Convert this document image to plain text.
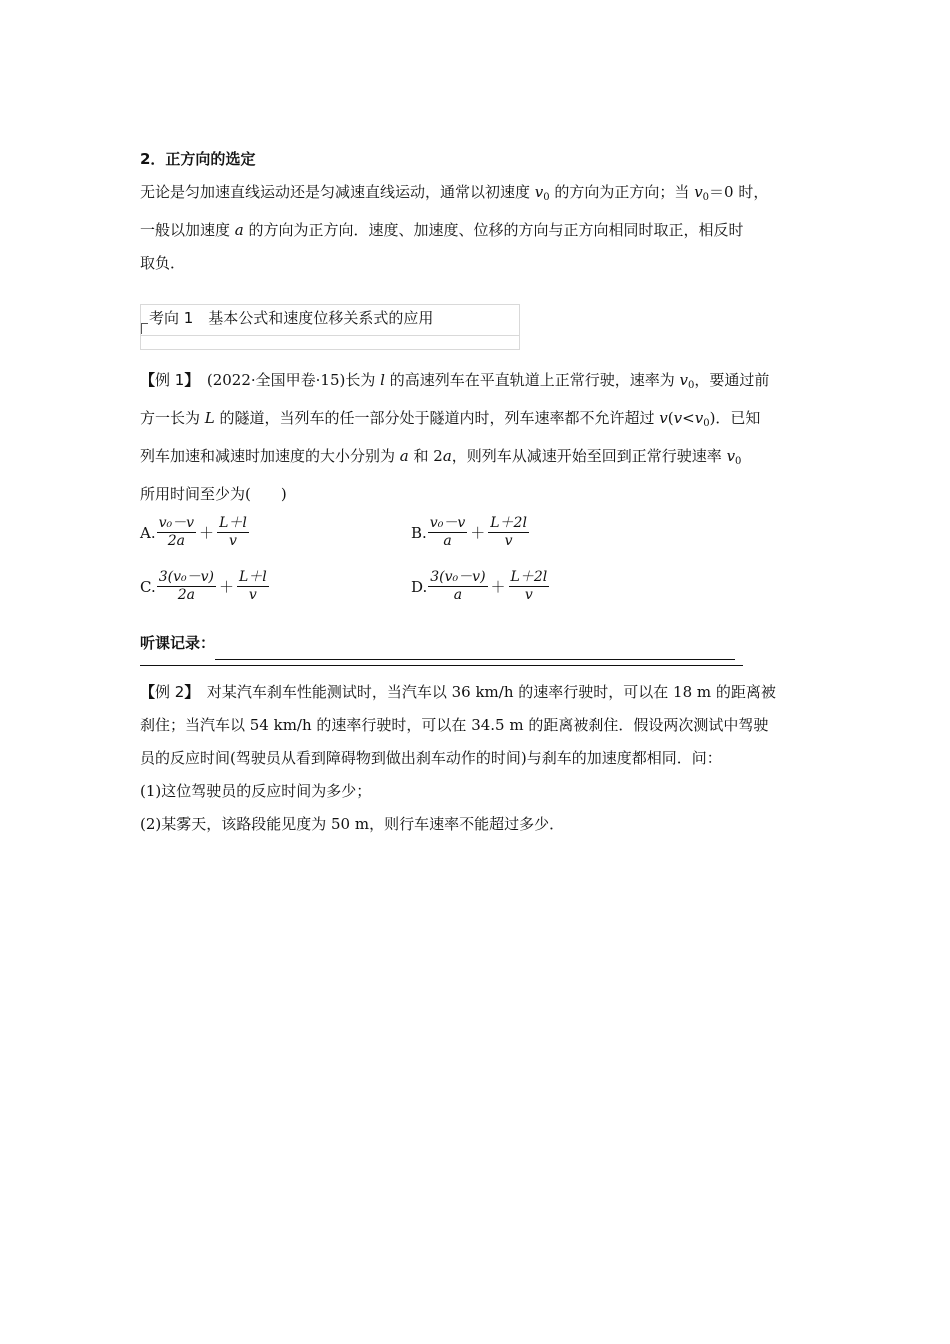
2．正方向的选定
无论是匀加速直线运动还是匀减速直线运动，通常以初速度 $v_0$ 的方向为正方向；当 $v_0=0$ 时，
一般以加速度 a 的方向为正方向．速度、加速度、位移的方向与正方向相同时取正，相反时
取负．
考向 1　基本公式和速度位移关系式的应用
【例 1】　(2022·全国甲卷·15)长为 l 的高速列车在平直轨道上正常行驶，速率为 $v_0$，要通过前
方一长为 L 的隧道，当列车的任一部分处于隧道内时，列车速率都不允许超过 $v(v<v_0)$．已知
列车加速和减速时加速度的大小分别为 a 和 2a，则列车从减速开始至回到正常行驶速率 $v_0$
所用时间至少为(　　)
A. $\frac{\text{v₀－v}}{2a} + \frac{L+l}{v}$	B. $\frac{\text{v₀－v}}{a} + \frac{L+2l}{v}$
C. $\frac{\text{3(v₀－v)}}{2a} + \frac{L+l}{v}$	D. $\frac{\text{3(v₀－v)}}{a} + \frac{L+2l}{v}$
听课记录：
【例 2】　对某汽车刹车性能测试时，当汽车以 36 km/h 的速率行驶时，可以在 18 m 的距离被
刹住；当汽车以 54 km/h 的速率行驶时，可以在 34.5 m 的距离被刹住．假设两次测试中驾驶
员的反应时间(驾驶员从看到障碍物到做出刹车动作的时间)与刹车的加速度都相同．问：
(1)这位驾驶员的反应时间为多少；
(2)某雾天，该路段能见度为 50 m，则行车速率不能超过多少．
